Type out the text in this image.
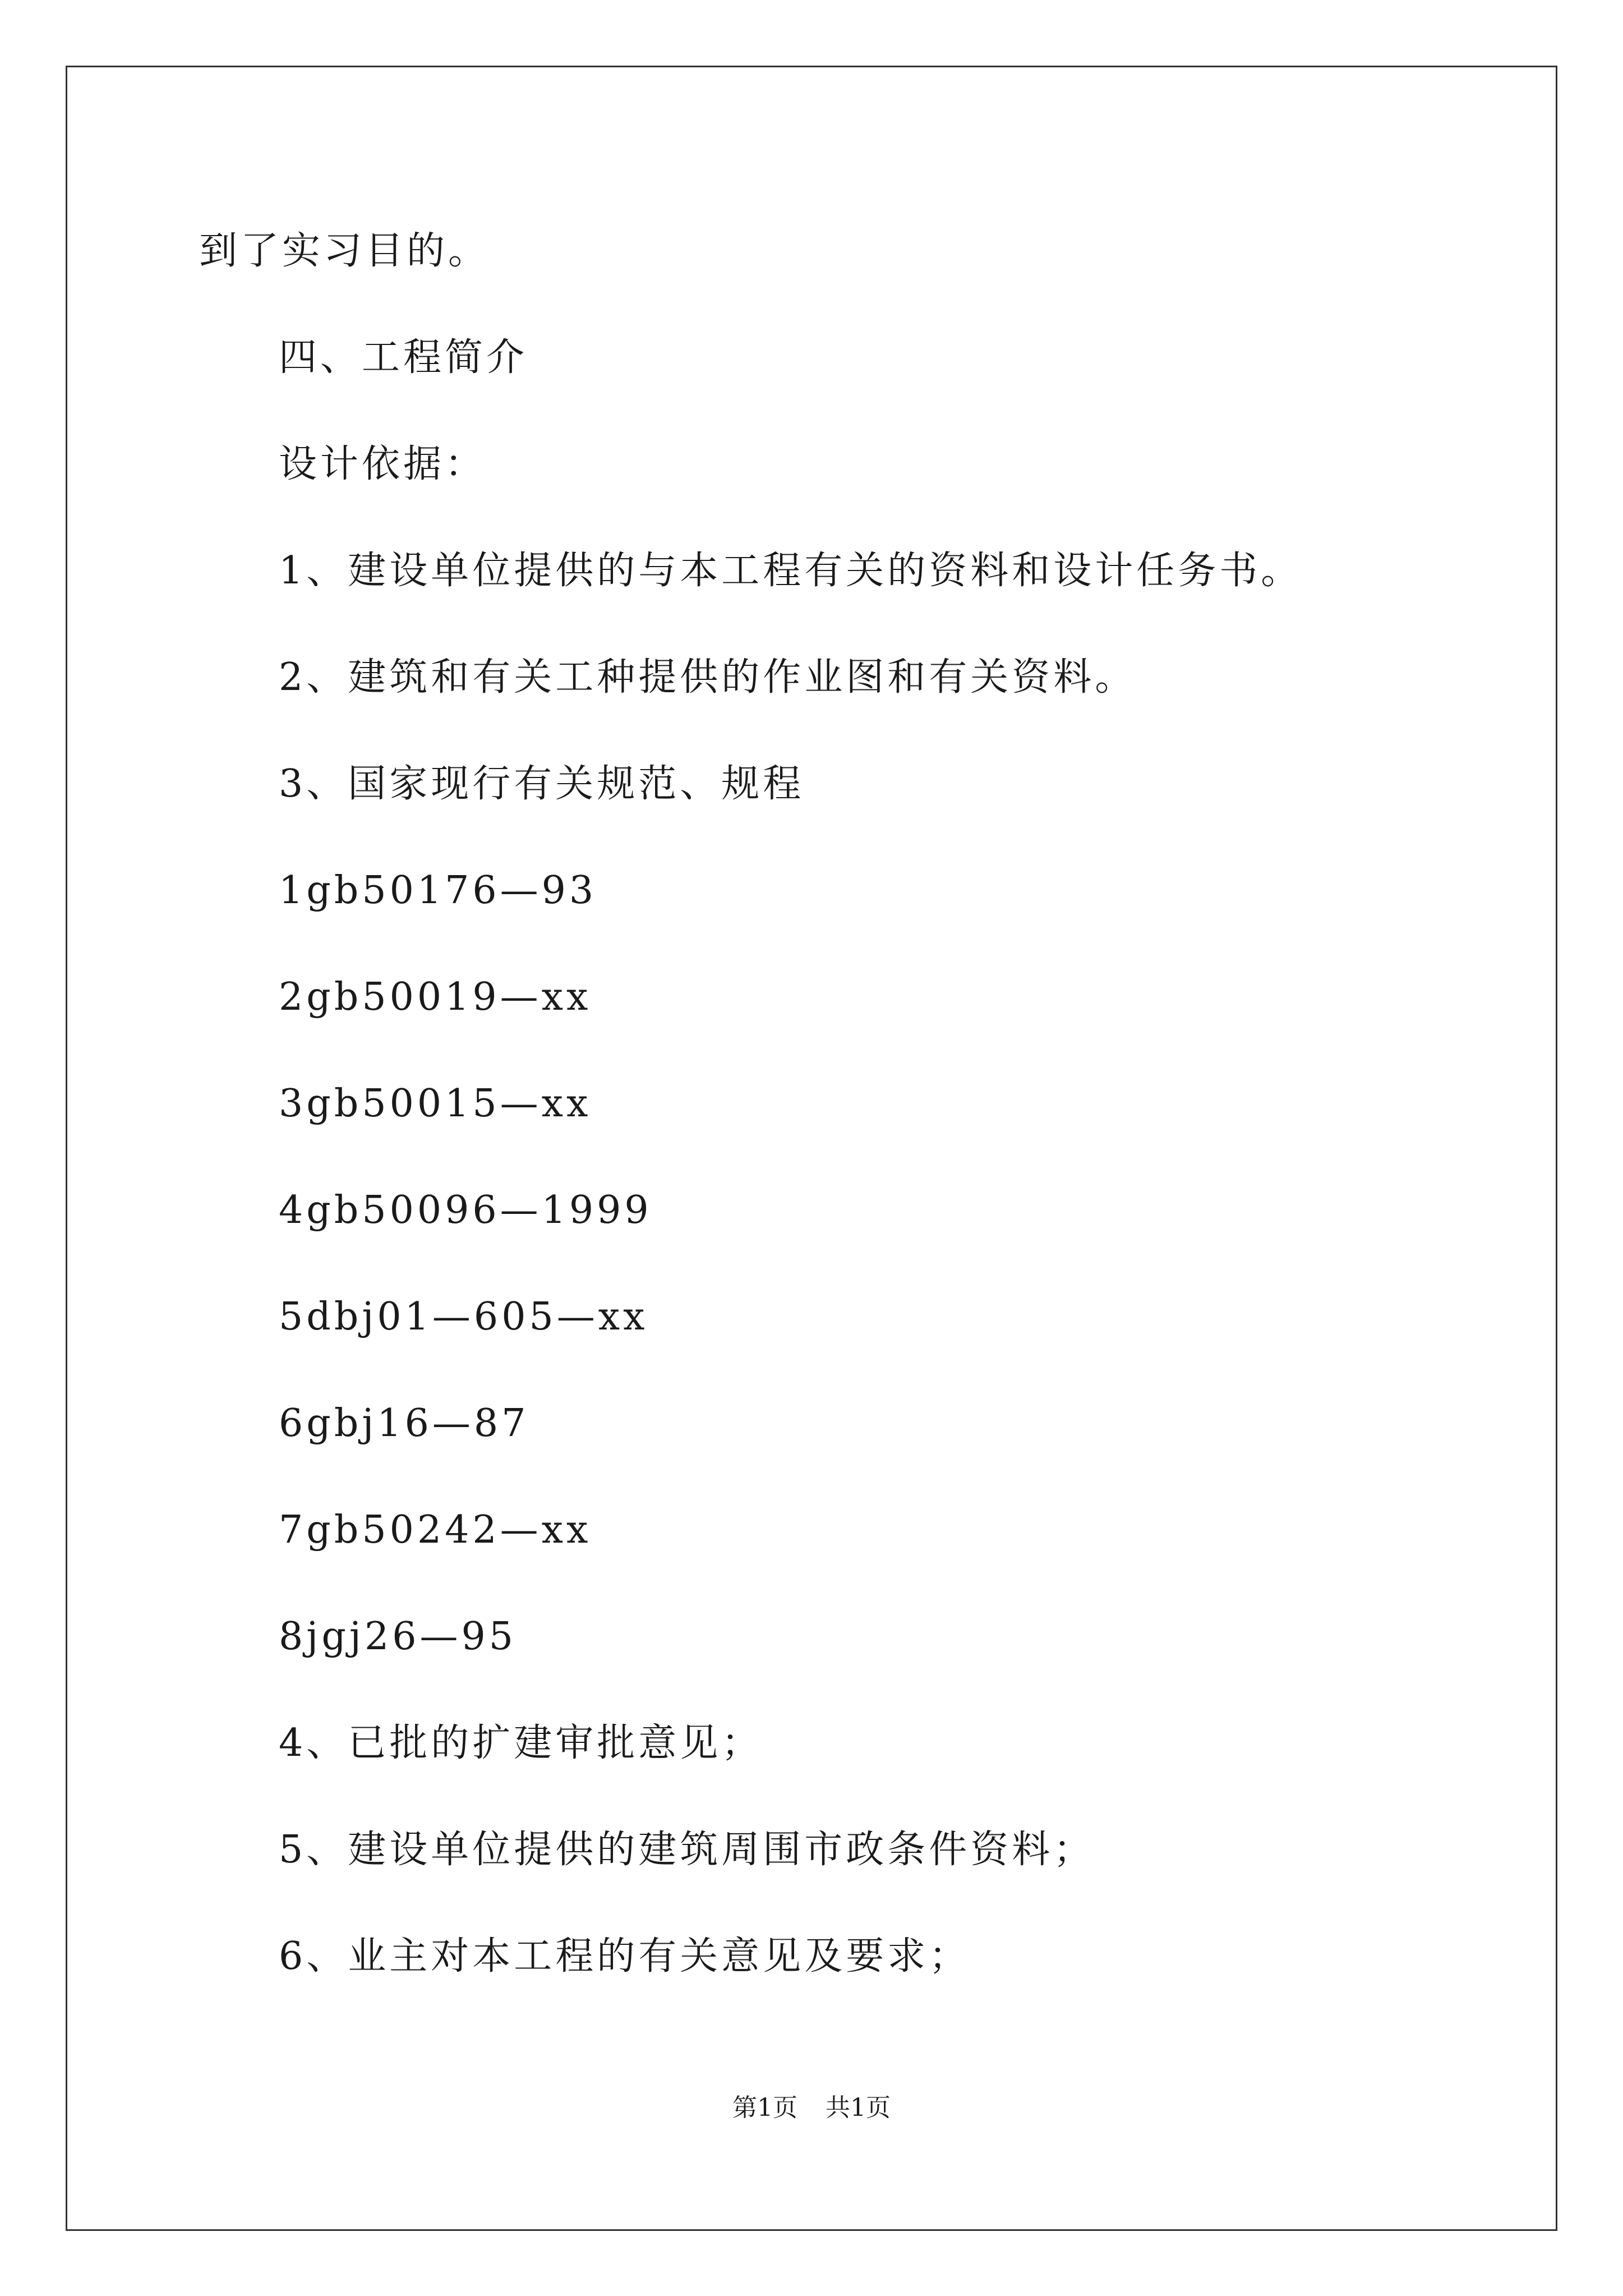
到了实习目的。
四、工程简介
设计依据：
1、建设单位提供的与本工程有关的资料和设计任务书。
2、建筑和有关工种提供的作业图和有关资料。
3、国家现行有关规范、规程
1gb50176—93
2gb50019—xx
3gb50015—xx
4gb50096—1999
5dbj01—605—xx
6gbj16—87
7gb50242—xx
8jgj26—95
4、已批的扩建审批意见；
5、建设单位提供的建筑周围市政条件资料；
6、业主对本工程的有关意见及要求；
第1页 共1页
